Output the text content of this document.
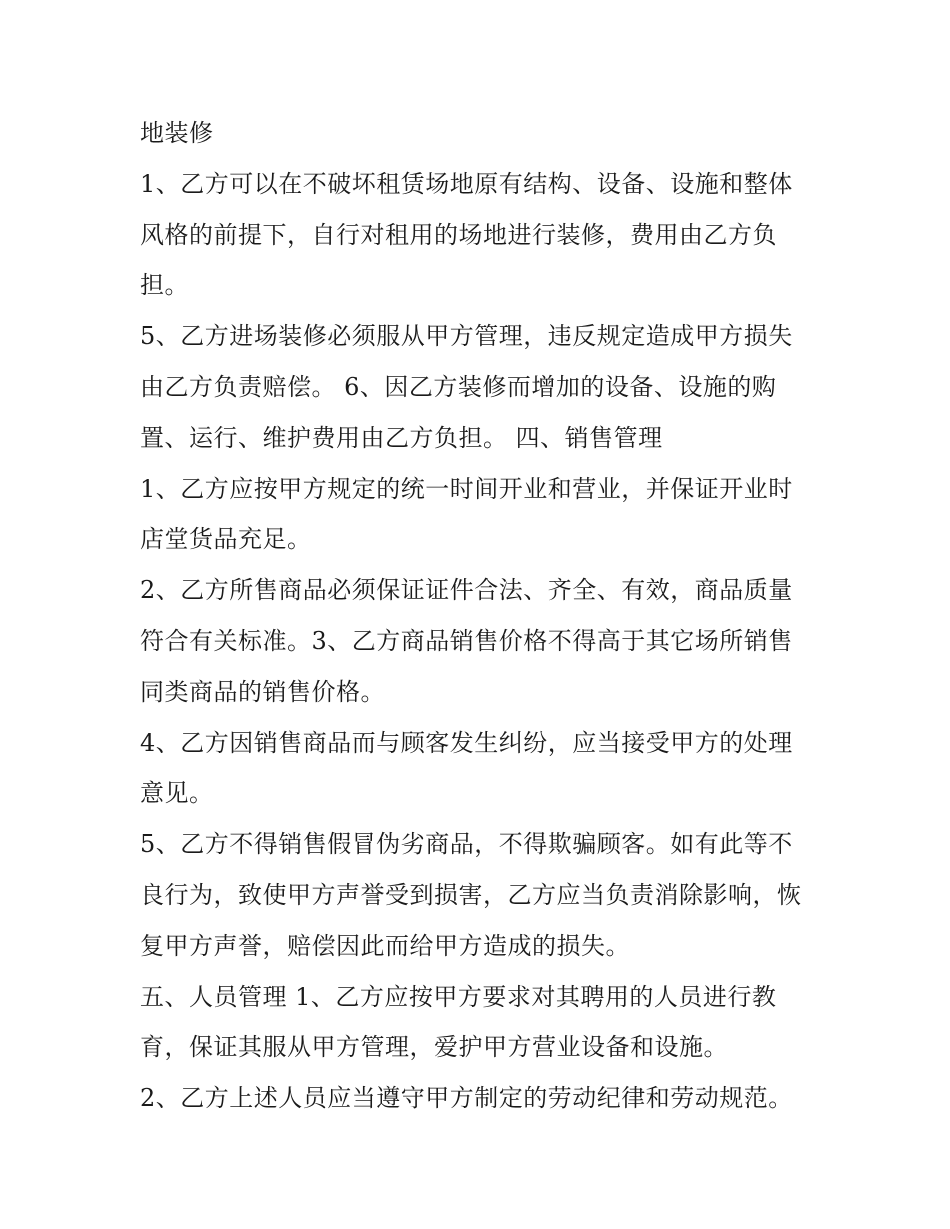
地装修
1、乙方可以在不破坏租赁场地原有结构、设备、设施和整体
风格的前提下，自行对租用的场地进行装修，费用由乙方负
担。
5、乙方进场装修必须服从甲方管理，违反规定造成甲方损失
由乙方负责赔偿。 6、因乙方装修而增加的设备、设施的购
置、运行、维护费用由乙方负担。 四、销售管理
1、乙方应按甲方规定的统一时间开业和营业，并保证开业时
店堂货品充足。
2、乙方所售商品必须保证证件合法、齐全、有效，商品质量
符合有关标准。3、乙方商品销售价格不得高于其它场所销售
同类商品的销售价格。
4、乙方因销售商品而与顾客发生纠纷，应当接受甲方的处理
意见。
5、乙方不得销售假冒伪劣商品，不得欺骗顾客。如有此等不
良行为，致使甲方声誉受到损害，乙方应当负责消除影响，恢
复甲方声誉，赔偿因此而给甲方造成的损失。
五、人员管理 1、乙方应按甲方要求对其聘用的人员进行教
育，保证其服从甲方管理，爱护甲方营业设备和设施。
2、乙方上述人员应当遵守甲方制定的劳动纪律和劳动规范。
